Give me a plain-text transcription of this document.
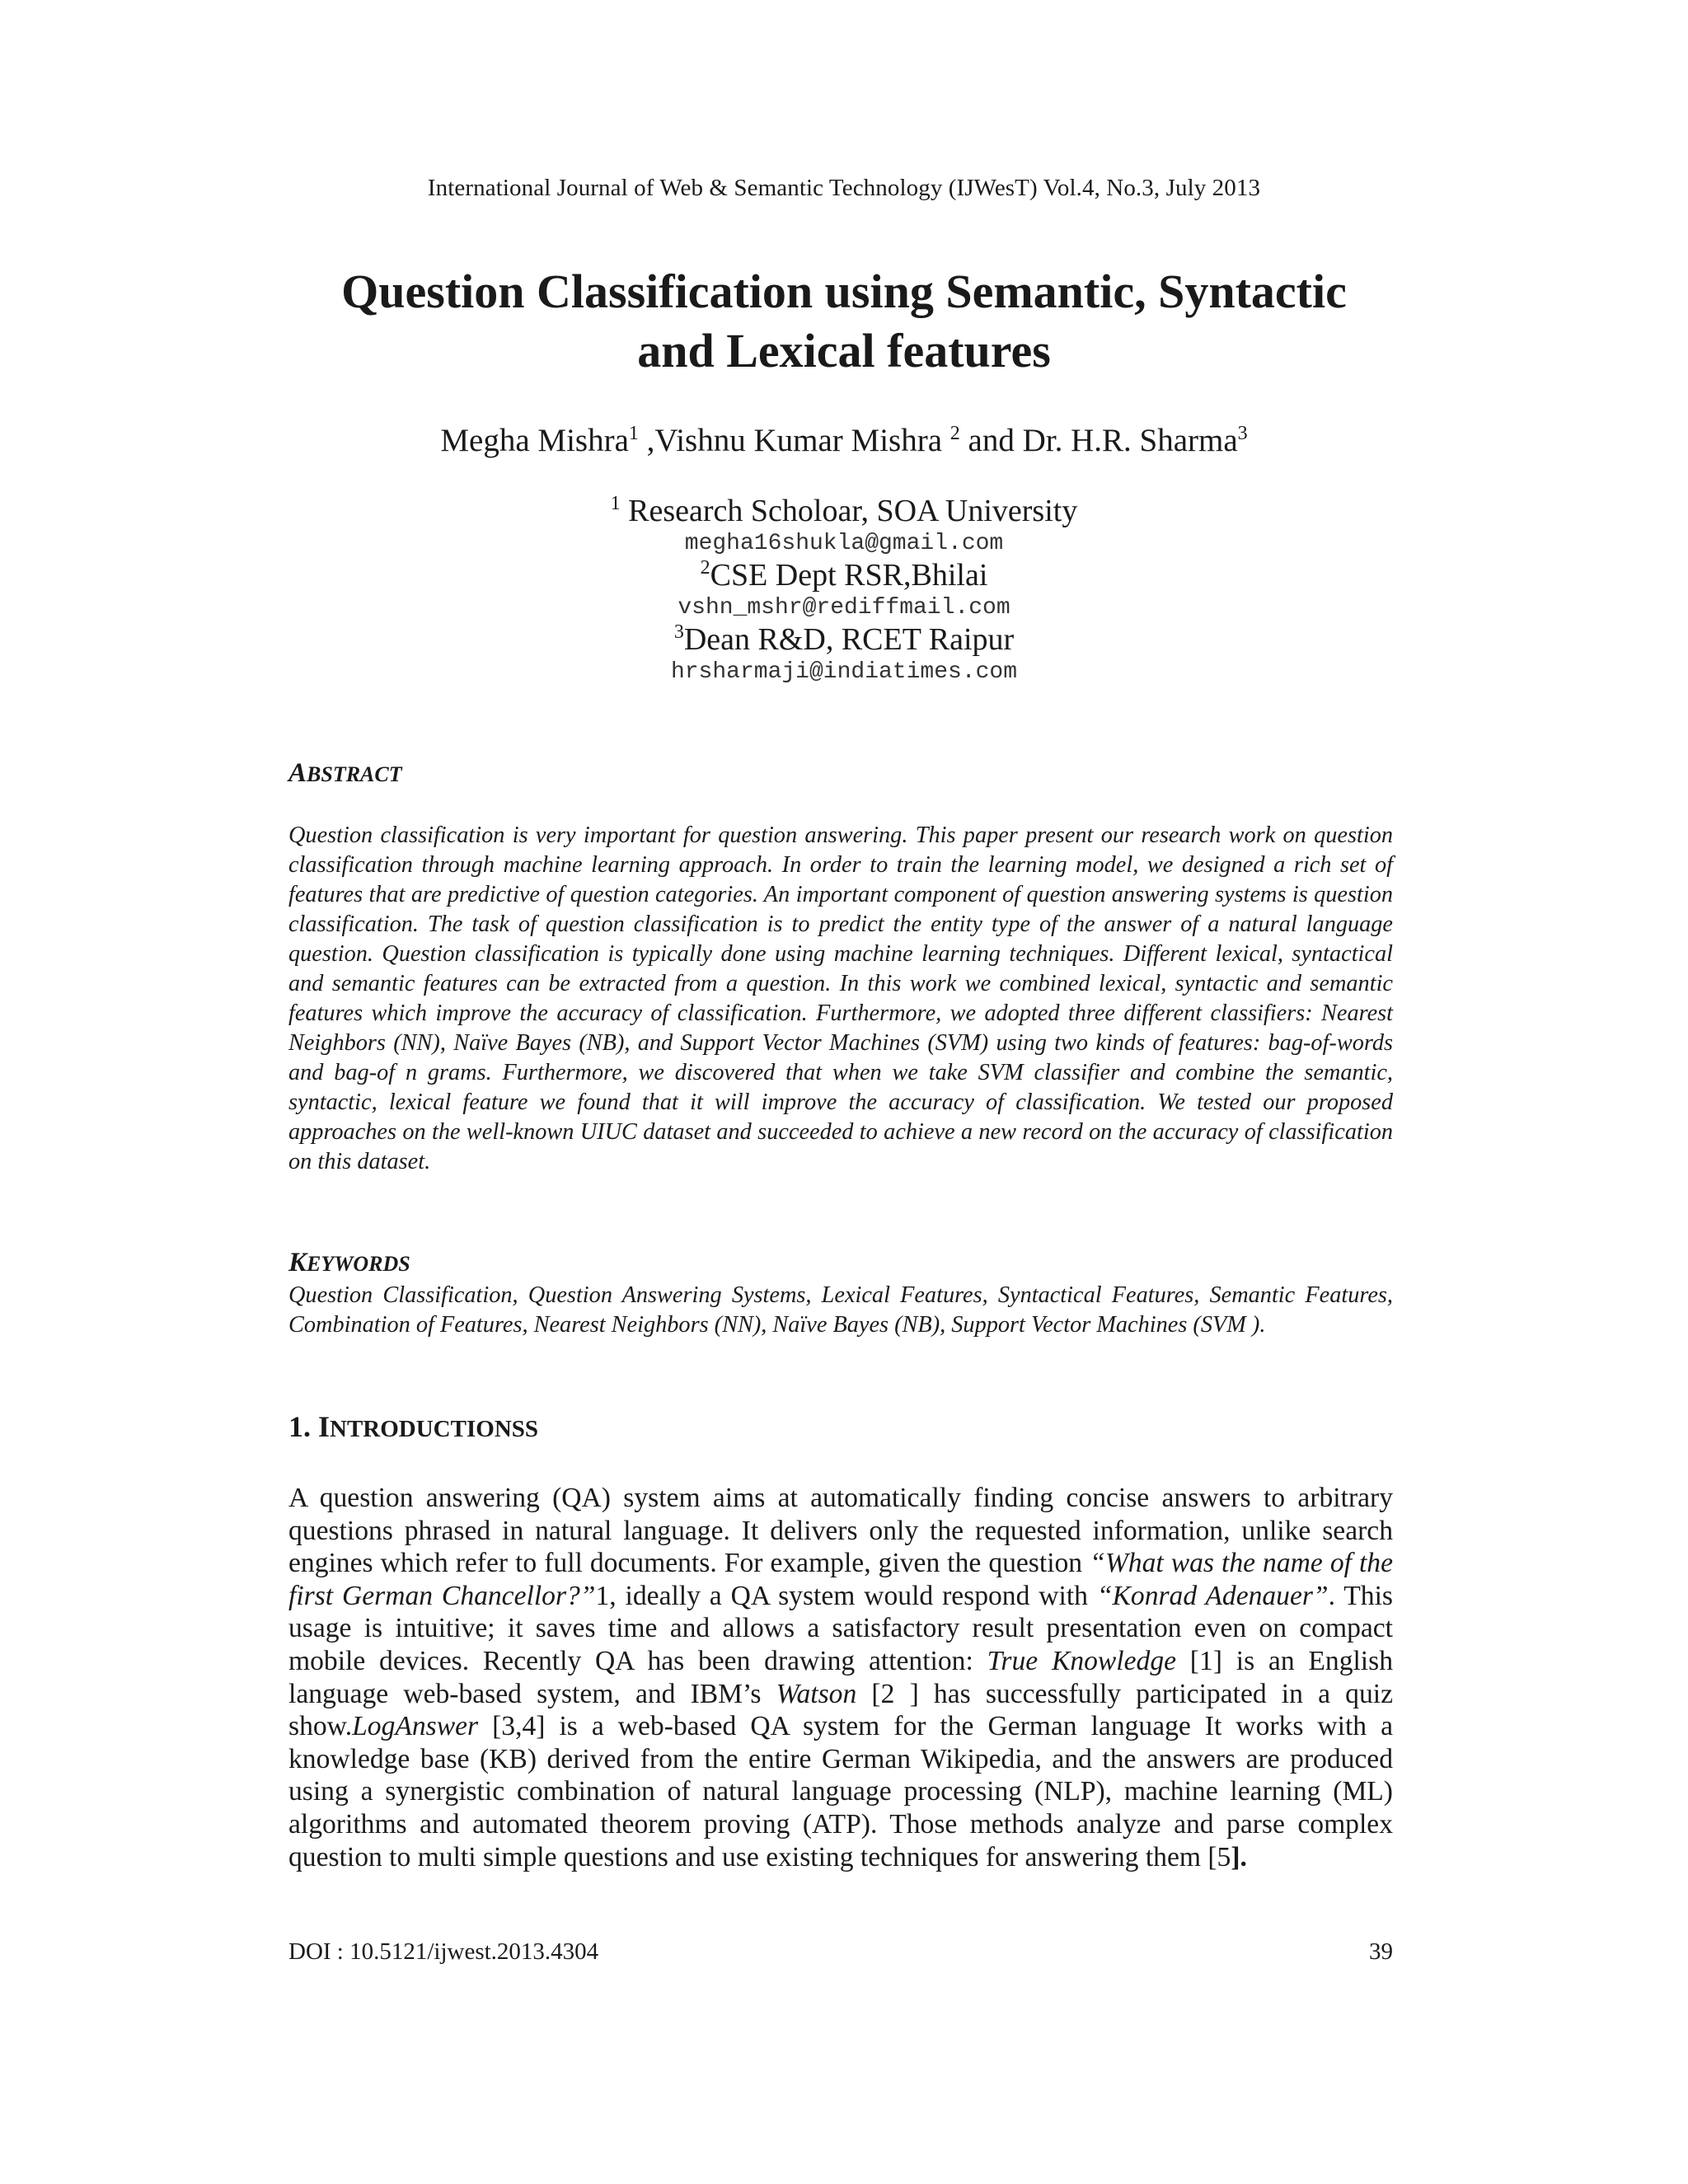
International Journal of Web & Semantic Technology (IJWesT) Vol.4, No.3, July 2013
Question Classification using Semantic, Syntactic
and Lexical features
Megha Mishra$^1$ ,Vishnu Kumar Mishra $^2$ and Dr. H.R. Sharma$^3$
$^1$ Research Scholoar, SOA University
megha16shukla@gmail.com
$^2$CSE Dept RSR,Bhilai
vshn_mshr@rediffmail.com
$^3$Dean R&D, RCET Raipur
hrsharmaji@indiatimes.com
ABSTRACT

Question classification is very important for question answering. This paper present our research work on question classification through machine learning approach. In order to train the learning model, we designed a rich set of features that are predictive of question categories. An important component of question answering systems is question classification. The task of question classification is to predict the entity type of the answer of a natural language question. Question classification is typically done using machine learning techniques. Different lexical, syntactical and semantic features can be extracted from a question. In this work we combined lexical, syntactic and semantic features which improve the accuracy of classification. Furthermore, we adopted three different classifiers: Nearest Neighbors (NN), Naïve Bayes (NB), and Support Vector Machines (SVM) using two kinds of features: bag-of-words and bag-of n grams. Furthermore, we discovered that when we take SVM classifier and combine the semantic, syntactic, lexical feature we found that it will improve the accuracy of classification. We tested our proposed approaches on the well-known UIUC dataset and succeeded to achieve a new record on the accuracy of classification on this dataset.

KEYWORDS

Question Classification, Question Answering Systems, Lexical Features, Syntactical Features, Semantic Features, Combination of Features, Nearest Neighbors (NN), Naïve Bayes (NB), Support Vector Machines (SVM ).

1. INTRODUCTIONSS

A question answering (QA) system aims at automatically finding concise answers to arbitrary questions phrased in natural language. It delivers only the requested information, unlike search engines which refer to full documents. For example, given the question “What was the name of the first German Chancellor?”1, ideally a QA system would respond with “Konrad Adenauer”. This usage is intuitive; it saves time and allows a satisfactory result presentation even on compact mobile devices. Recently QA has been drawing attention: True Knowledge [1] is an English language web-based system, and IBM’s Watson [2 ] has successfully participated in a quiz show.LogAnswer [3,4] is a web-based QA system for the German language It works with a knowledge base (KB) derived from the entire German Wikipedia, and the answers are produced using a synergistic combination of natural language processing (NLP), machine learning (ML) algorithms and automated theorem proving (ATP). Those methods analyze and parse complex question to multi simple questions and use existing techniques for answering them [5].

DOI : 10.5121/ijwest.2013.4304	39
